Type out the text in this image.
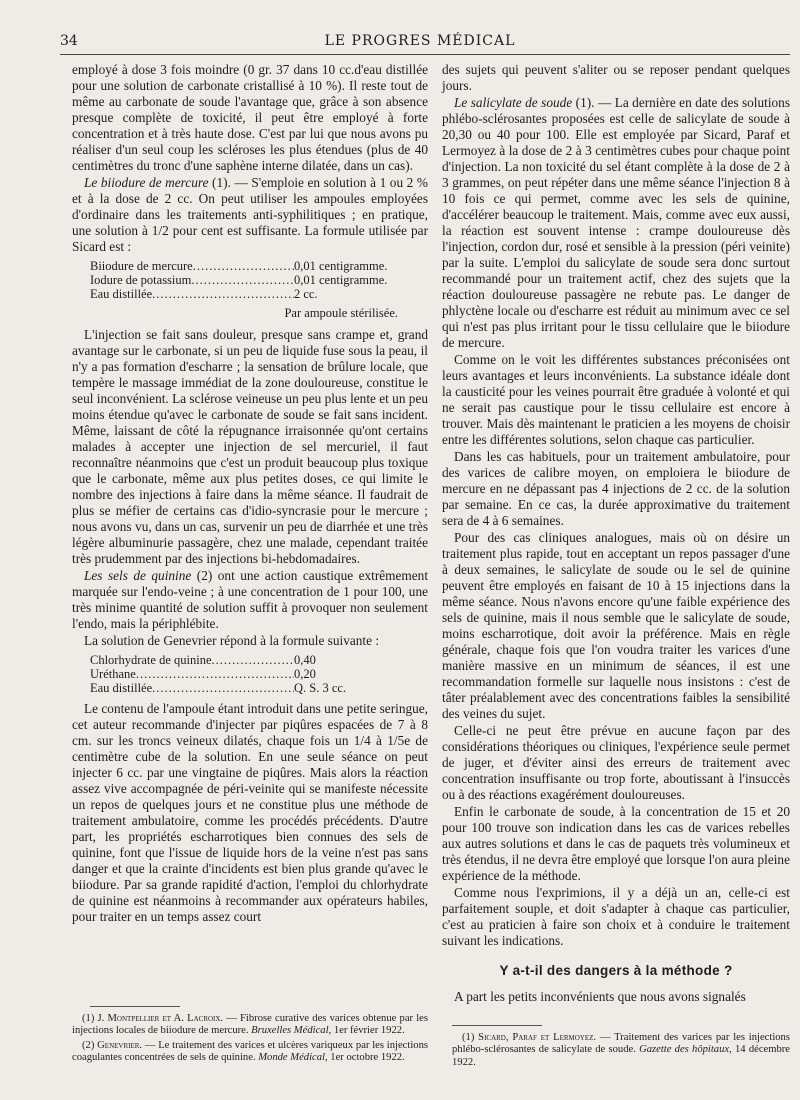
34	LE PROGRES MÉDICAL

employé à dose 3 fois moindre (0 gr. 37 dans 10 cc.d'eau distillée pour une solution de carbonate cristallisé à 10 %). Il reste tout de même au carbonate de soude l'avantage que, grâce à son absence presque complète de toxicité, il peut être employé à forte concentration et à très haute dose. C'est par lui que nous avons pu réaliser d'un seul coup les scléroses les plus étendues (plus de 40 centimètres du tronc d'une saphène interne dilatée, dans un cas).

Le biiodure de mercure (1). — S'emploie en solution à 1 ou 2 % et à la dose de 2 cc. On peut utiliser les ampoules employées d'ordinaire dans les traitements anti-syphilitiques ; en pratique, une solution à 1/2 pour cent est suffisante. La formule utilisée par Sicard est :

Biiodure de mercure .....	0,01 centigramme.
Iodure de potassium .....	0,01 centigramme.
Eau distillée .....	2 cc.
Par ampoule stérilisée.

L'injection se fait sans douleur, presque sans crampe et, grand avantage sur le carbonate, si un peu de liquide fuse sous la peau, il n'y a pas formation d'escharre ; la sensation de brûlure locale, que tempère le massage immédiat de la zone douloureuse, constitue le seul inconvénient. La sclérose veineuse un peu plus lente et un peu moins étendue qu'avec le carbonate de soude se fait sans incident. Même, laissant de côté la répugnance irraisonnée qu'ont certains malades à accepter une injection de sel mercuriel, il faut reconnaître néanmoins que c'est un produit beaucoup plus toxique que le carbonate, même aux plus petites doses, ce qui limite le nombre des injections à faire dans la même séance. Il faudrait de plus se méfier de certains cas d'idio-syncrasie pour le mercure ; nous avons vu, dans un cas, survenir un peu de diarrhée et une très légère albuminurie passagère, chez une malade, cependant traitée très prudemment par des injections bi-hebdomadaires.

Les sels de quinine (2) ont une action caustique extrêmement marquée sur l'endo-veine ; à une concentration de 1 pour 100, une très minime quantité de solution suffit à provoquer non seulement l'endo, mais la périphlébite.

La solution de Genevrier répond à la formule suivante :

Chlorhydrate de quinine .....	0,40
Uréthane .....	0,20
Eau distillée .....	Q. S. 3 cc.

Le contenu de l'ampoule étant introduit dans une petite seringue, cet auteur recommande d'injecter par piqûres espacées de 7 à 8 cm. sur les troncs veineux dilatés, chaque fois un 1/4 à 1/5e de centimètre cube de la solution. En une seule séance on peut injecter 6 cc. par une vingtaine de piqûres. Mais alors la réaction assez vive accompagnée de péri-veinite qui se manifeste nécessite un repos de quelques jours et ne constitue plus une méthode de traitement ambulatoire, comme les procédés précédents. D'autre part, les propriétés escharrotiques bien connues des sels de quinine, font que l'issue de liquide hors de la veine n'est pas sans danger et que la crainte d'incidents est bien plus grande qu'avec le biiodure. Par sa grande rapidité d'action, l'emploi du chlorhydrate de quinine est néanmoins à recommander aux opérateurs habiles, pour traiter en un temps assez court

(1) J. Montpellier et A. Lacroix. — Fibrose curative des varices obtenue par les injections locales de biiodure de mercure. Bruxelles Médical, 1er février 1922.

(2) Genevrier. — Le traitement des varices et ulcères variqueux par les injections coagulantes concentrées de sels de quinine. Monde Médical, 1er octobre 1922.

des sujets qui peuvent s'aliter ou se reposer pendant quelques jours.

Le salicylate de soude (1). — La dernière en date des solutions phlébo-sclérosantes proposées est celle de salicylate de soude à 20,30 ou 40 pour 100. Elle est employée par Sicard, Paraf et Lermoyez à la dose de 2 à 3 centimètres cubes pour chaque point d'injection. La non toxicité du sel étant complète à la dose de 2 à 3 grammes, on peut répéter dans une même séance l'injection 8 à 10 fois ce qui permet, comme avec les sels de quinine, d'accélérer beaucoup le traitement. Mais, comme avec eux aussi, la réaction est souvent intense : crampe douloureuse dès l'injection, cordon dur, rosé et sensible à la pression (péri veinite) par la suite. L'emploi du salicylate de soude sera donc surtout recommandé pour un traitement actif, chez des sujets que la réaction douloureuse passagère ne rebute pas. Le danger de phlyctène locale ou d'escharre est réduit au minimum avec ce sel qui n'est pas plus irritant pour le tissu cellulaire que le biiodure de mercure.

Comme on le voit les différentes substances préconisées ont leurs avantages et leurs inconvénients. La substance idéale dont la causticité pour les veines pourrait être graduée à volonté et qui ne serait pas caustique pour le tissu cellulaire est encore à trouver. Mais dès maintenant le praticien a les moyens de choisir entre les différentes solutions, selon chaque cas particulier.

Dans les cas habituels, pour un traitement ambulatoire, pour des varices de calibre moyen, on emploiera le biiodure de mercure en ne dépassant pas 4 injections de 2 cc. de la solution par semaine. En ce cas, la durée approximative du traitement sera de 4 à 6 semaines.

Pour des cas cliniques analogues, mais où on désire un traitement plus rapide, tout en acceptant un repos passager d'une à deux semaines, le salicylate de soude ou le sel de quinine peuvent être employés en faisant de 10 à 15 injections dans la même séance. Nous n'avons encore qu'une faible expérience des sels de quinine, mais il nous semble que le salicylate de soude, moins escharrotique, doit avoir la préférence. Mais en règle générale, chaque fois que l'on voudra traiter les varices d'une manière massive en un minimum de séances, il est une recommandation formelle sur laquelle nous insistons : c'est de tâter préalablement avec des concentrations faibles la sensibilité des veines du sujet.

Celle-ci ne peut être prévue en aucune façon par des considérations théoriques ou cliniques, l'expérience seule permet de juger, et d'éviter ainsi des erreurs de traitement avec concentration insuffisante ou trop forte, aboutissant à l'insuccès ou à des réactions exagérément douloureuses.

Enfin le carbonate de soude, à la concentration de 15 et 20 pour 100 trouve son indication dans les cas de varices rebelles aux autres solutions et dans le cas de paquets très volumineux et très étendus, il ne devra être employé que lorsque l'on aura pleine expérience de la méthode.

Comme nous l'exprimions, il y a déjà un an, celle-ci est parfaitement souple, et doit s'adapter à chaque cas particulier, c'est au praticien à faire son choix et à conduire le traitement suivant les indications.

Y a-t-il des dangers à la méthode ?

A part les petits inconvénients que nous avons signalés

(1) Sicard, Paraf et Lermoyez. — Traitement des varices par les injections phlébo-sclérosantes de salicylate de soude. Gazette des hôpitaux, 14 décembre 1922.
